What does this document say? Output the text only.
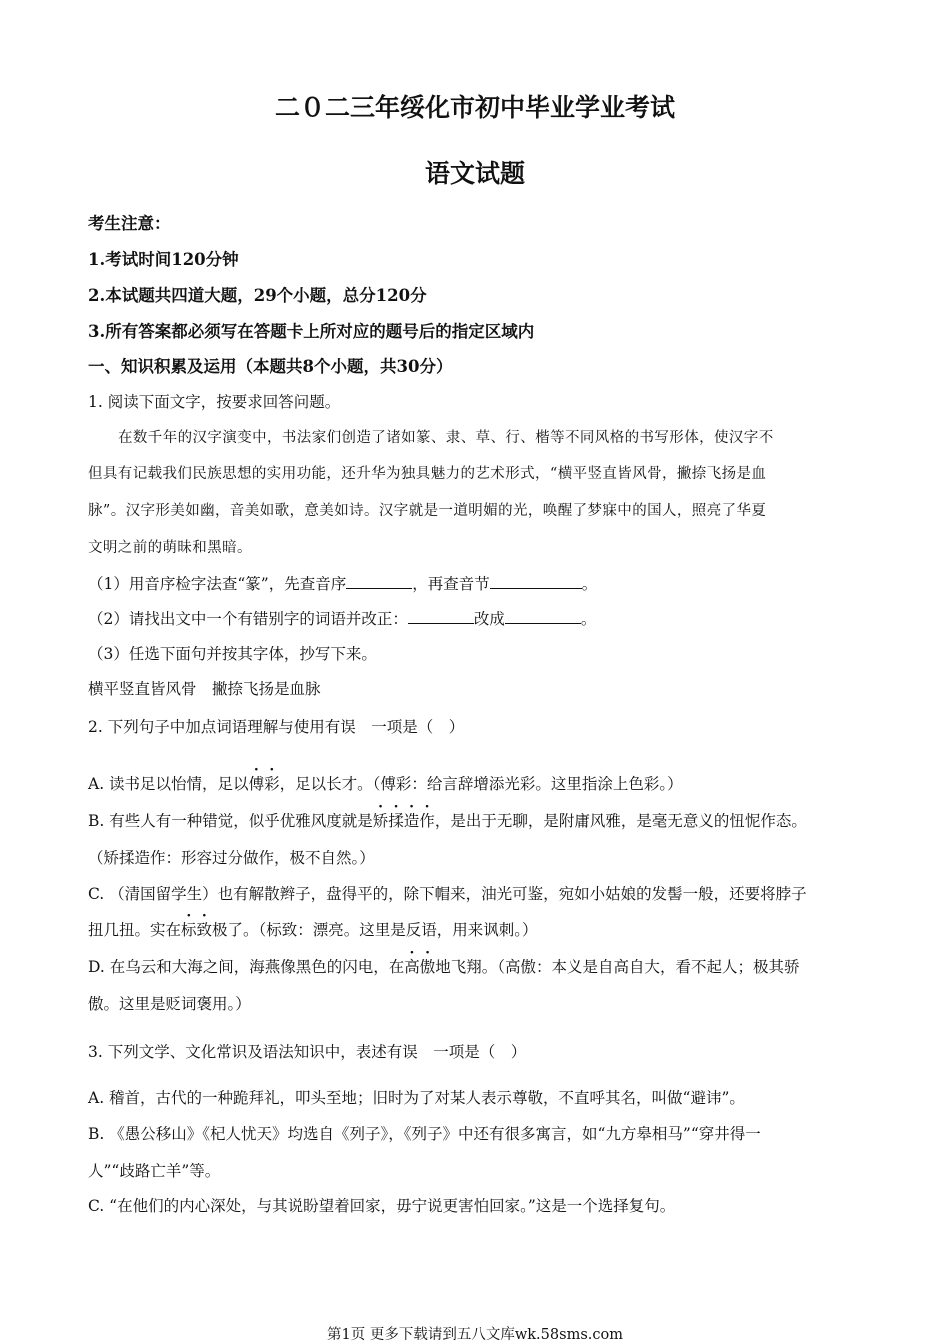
二０二三年绥化市初中毕业学业考试
语文试题
考生注意：
1.考试时间120分钟
2.本试题共四道大题，29个小题，总分120分
3.所有答案都必须写在答题卡上所对应的题号后的指定区域内
一、知识积累及运用（本题共8个小题，共30分）
1. 阅读下面文字，按要求回答问题。
在数千年的汉字演变中，书法家们创造了诸如篆、隶、草、行、楷等不同风格的书写形体，使汉字不
但具有记载我们民族思想的实用功能，还升华为独具魅力的艺术形式，“横平竖直皆风骨，撇捺飞扬是血
脉”。汉字形美如幽，音美如歌，意美如诗。汉字就是一道明媚的光，唤醒了梦寐中的国人，照亮了华夏
文明之前的萌昧和黑暗。
（1）用音序检字法查“篆”，先查音序	，再查音节	。
（2）请找出文中一个有错别字的词语并改正：	改成	。
（3）任选下面句并按其字体，抄写下来。
横平竖直皆风骨　撇捺飞扬是血脉
2. 下列句子中加点词语理解与使用有误　一项是（　）
A. 读书足以怡情，足以傅彩，足以长才。（傅彩：给言辞增添光彩。这里指涂上色彩。）
B. 有些人有一种错觉，似乎优雅风度就是矫揉造作，是出于无聊，是附庸风雅，是毫无意义的忸怩作态。
（矫揉造作：形容过分做作，极不自然。）
C. （清国留学生）也有解散辫子，盘得平的，除下帽来，油光可鉴，宛如小姑娘的发髻一般，还要将脖子
扭几扭。实在标致极了。（标致：漂亮。这里是反语，用来讽刺。）
D. 在乌云和大海之间，海燕像黑色的闪电，在高傲地飞翔。（高傲：本义是自高自大，看不起人；极其骄
傲。这里是贬词褒用。）
3. 下列文学、文化常识及语法知识中，表述有误　一项是（　）
A. 稽首，古代的一种跪拜礼，叩头至地；旧时为了对某人表示尊敬，不直呼其名，叫做“避讳”。
B. 《愚公移山》《杞人忧天》均选自《列子》，《列子》中还有很多寓言，如“九方皋相马”“穿井得一
人”“歧路亡羊”等。
C. “在他们的内心深处，与其说盼望着回家，毋宁说更害怕回家。”这是一个选择复句。
第1页 更多下载请到五八文库wk.58sms.com
